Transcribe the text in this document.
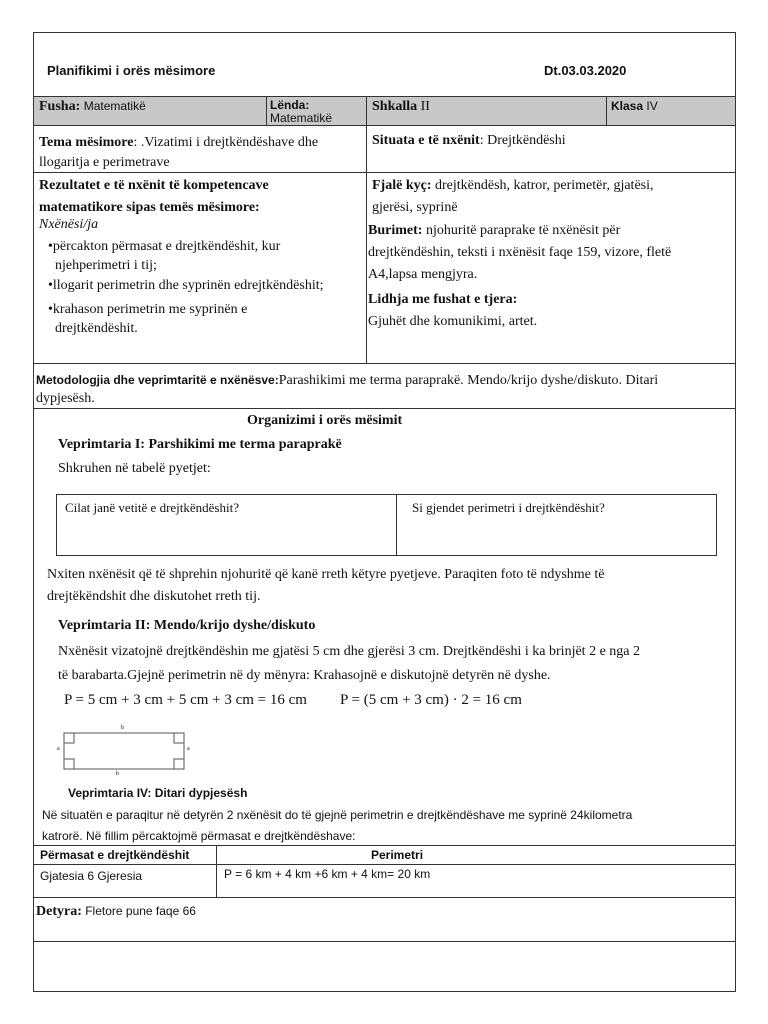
Planifikimi i orës mësimore	Dt.03.03.2020
Fusha: Matematikë	Lënda:
Matematikë
Shkalla II	Klasa IV
Tema mësimore: .Vizatimi i drejtkëndëshave dhe
llogaritja e perimetrave
Situata e të nxënit: Drejtkëndëshi
Rezultatet e të nxënit të kompetencave
matematikore sipas temës mësimore:
Nxënësi/ja
•përcakton përmasat e drejtkëndëshit, kur
njehperimetri i tij;
•llogarit perimetrin dhe syprinën edrejtkëndëshit;
•krahason perimetrin me syprinën e
drejtkëndëshit.
Fjalë kyç: drejtkëndësh, katror, perimetër, gjatësi,
gjerësi, syprinë
Burimet: njohuritë paraprake të nxënësit për
drejtkëndëshin, teksti i nxënësit faqe 159, vizore, fletë
A4,lapsa mengjyra.
Lidhja me fushat e tjera:
Gjuhët dhe komunikimi, artet.
Metodologjia dhe veprimtaritë e nxënësve:Parashikimi me terma paraprakë. Mendo/krijo dyshe/diskuto. Ditari
dypjesësh.
Organizimi i orës mësimit
Veprimtaria I: Parshikimi me terma paraprakë
Shkruhen në tabelë pyetjet:
Cilat janë vetitë e drejtkëndëshit?	Si gjendet perimetri i drejtkëndëshit?
Nxiten nxënësit që të shprehin njohuritë që kanë rreth këtyre pyetjeve. Paraqiten foto të ndyshme të
drejtëkëndshit dhe diskutohet rreth tij.
Veprimtaria II: Mendo/krijo dyshe/diskuto
Nxënësit vizatojnë drejtkëndëshin me gjatësi 5 cm dhe gjerësi 3 cm. Drejtkëndëshi i ka brinjët 2 e nga 2
të barabarta.Gjejnë perimetrin në dy mënyra: Krahasojnë e diskutojnë detyrën në dyshe.
P = 5 cm + 3 cm + 5 cm + 3 cm = 16 cm P = (5 cm + 3 cm) · 2 = 16 cm
b
b
a	a
Veprimtaria IV: Ditari dypjesësh
Në situatën e paraqitur në detyrën 2 nxënësit do të gjejnë perimetrin e drejtkëndëshave me syprinë 24kilometra
katrorë. Në fillim përcaktojmë përmasat e drejtkëndëshave:
Përmasat e drejtkëndëshit	Perimetri
Gjatesia 6 Gjeresia	P = 6 km + 4 km +6 km + 4 km= 20 km
Detyra: Fletore pune faqe 66
